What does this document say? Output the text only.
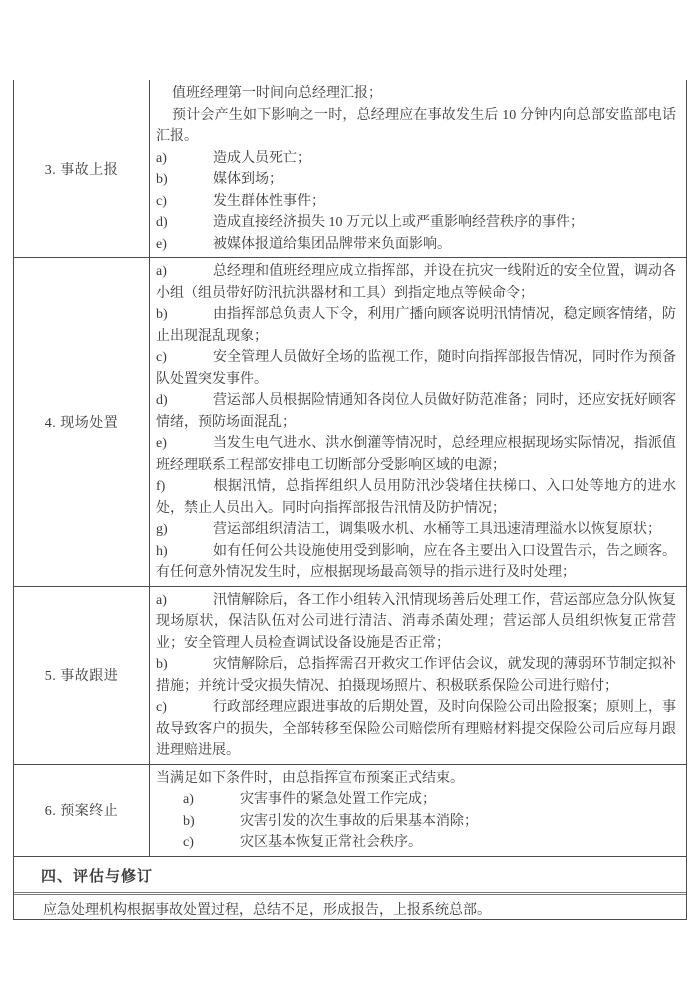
3. 事故上报
值班经理第一时间向总经理汇报；
预计会产生如下影响之一时，总经理应在事故发生后 10 分钟内向总部安监部电话汇报。
a)	造成人员死亡；
b)	媒体到场；
c)	发生群体性事件；
d)	造成直接经济损失 10 万元以上或严重影响经营秩序的事件；
e)	被媒体报道给集团品牌带来负面影响。
4. 现场处置
a)	总经理和值班经理应成立指挥部，并设在抗灾一线附近的安全位置，调动各小组（组员带好防汛抗洪器材和工具）到指定地点等候命令；
b)	由指挥部总负责人下令，利用广播向顾客说明汛情情况，稳定顾客情绪，防止出现混乱现象；
c)	安全管理人员做好全场的监视工作，随时向指挥部报告情况，同时作为预备队处置突发事件。
d)	营运部人员根据险情通知各岗位人员做好防范准备；同时，还应安抚好顾客情绪，预防场面混乱；
e)	当发生电气进水、洪水倒灌等情况时，总经理应根据现场实际情况，指派值班经理联系工程部安排电工切断部分受影响区域的电源；
f)	根据汛情，总指挥组织人员用防汛沙袋堵住扶梯口、入口处等地方的进水处，禁止人员出入。同时向指挥部报告汛情及防护情况；
g)	营运部组织清洁工，调集吸水机、水桶等工具迅速清理溢水以恢复原状；
h)	如有任何公共设施使用受到影响，应在各主要出入口设置告示，告之顾客。有任何意外情况发生时，应根据现场最高领导的指示进行及时处理；
5. 事故跟进
a)	汛情解除后，各工作小组转入汛情现场善后处理工作，营运部应急分队恢复现场原状，保洁队伍对公司进行清洁、消毒杀菌处理；营运部人员组织恢复正常营业；安全管理人员检查调试设备设施是否正常；
b)	灾情解除后，总指挥需召开救灾工作评估会议，就发现的薄弱环节制定拟补措施；并统计受灾损失情况、拍摄现场照片、积极联系保险公司进行赔付；
c)	行政部经理应跟进事故的后期处置，及时向保险公司出险报案；原则上，事故导致客户的损失，全部转移至保险公司赔偿所有理赔材料提交保险公司后应每月跟进理赔进展。
6. 预案终止
当满足如下条件时，由总指挥宣布预案正式结束。
a)	灾害事件的紧急处置工作完成；
b)	灾害引发的次生事故的后果基本消除；
c)	灾区基本恢复正常社会秩序。
四、评估与修订
应急处理机构根据事故处置过程，总结不足，形成报告，上报系统总部。
